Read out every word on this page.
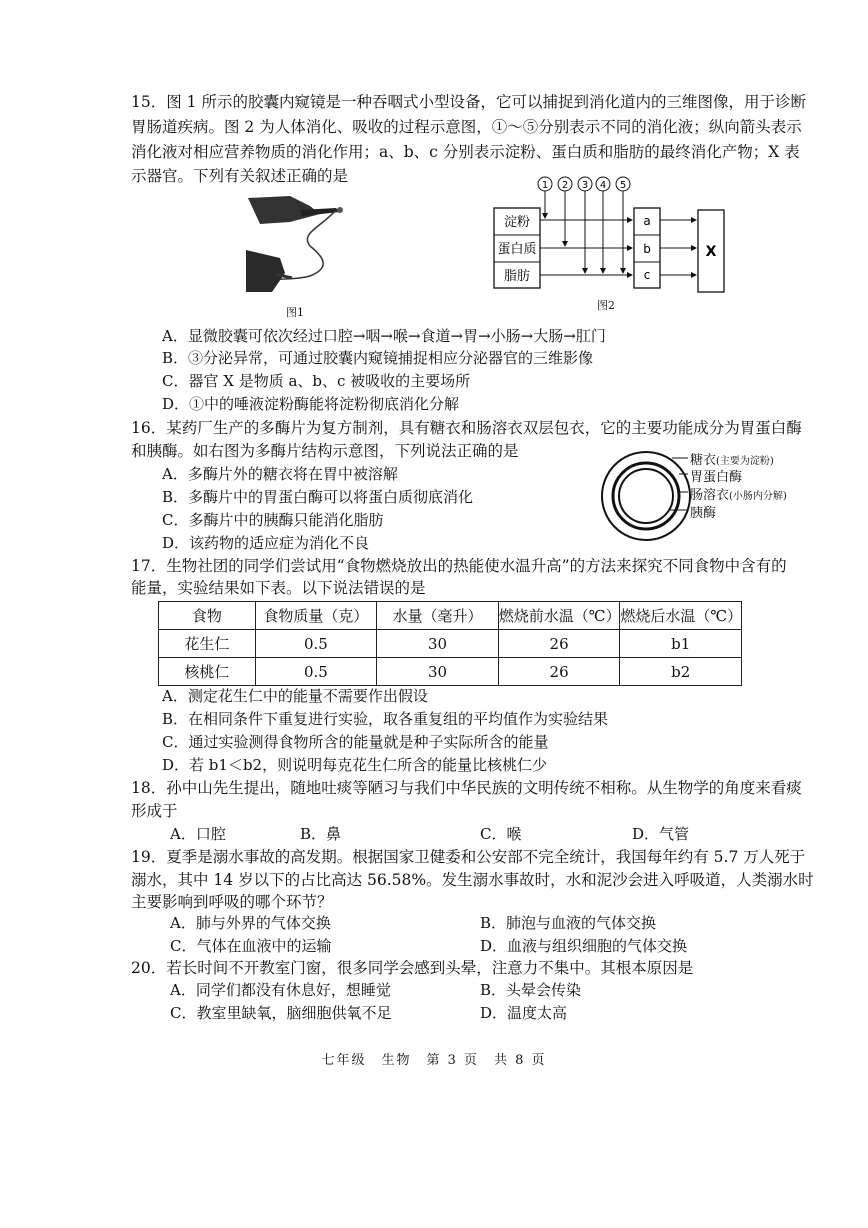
15．图 1 所示的胶囊内窥镜是一种吞咽式小型设备，它可以捕捉到消化道内的三维图像，用于诊断
胃肠道疾病。图 2 为人体消化、吸收的过程示意图，①～⑤分别表示不同的消化液；纵向箭头表示
消化液对相应营养物质的消化作用；a、b、c 分别表示淀粉、蛋白质和脂肪的最终消化产物；X 表
示器官。下列有关叙述正确的是
图1
1 2 3 4 5
淀粉
蛋白质
脂肪
a
b
c
X
图2
A．显微胶囊可依次经过口腔→咽→喉→食道→胃→小肠→大肠→肛门
B．③分泌异常，可通过胶囊内窥镜捕捉相应分泌器官的三维影像
C．器官 X 是物质 a、b、c 被吸收的主要场所
D．①中的唾液淀粉酶能将淀粉彻底消化分解
16．某药厂生产的多酶片为复方制剂，具有糖衣和肠溶衣双层包衣，它的主要功能成分为胃蛋白酶
和胰酶。如右图为多酶片结构示意图，下列说法正确的是
A．多酶片外的糖衣将在胃中被溶解
B．多酶片中的胃蛋白酶可以将蛋白质彻底消化
C．多酶片中的胰酶只能消化脂肪
D．该药物的适应症为消化不良
糖衣(主要为淀粉)
胃蛋白酶
肠溶衣(小肠内分解)
胰酶
17．生物社团的同学们尝试用“食物燃烧放出的热能使水温升高”的方法来探究不同食物中含有的
能量，实验结果如下表。以下说法错误的是
食物	食物质量（克）	水量（毫升）	燃烧前水温（℃）	燃烧后水温（℃）
花生仁	0.5	30	26	b1
核桃仁	0.5	30	26	b2
A．测定花生仁中的能量不需要作出假设
B．在相同条件下重复进行实验，取各重复组的平均值作为实验结果
C．通过实验测得食物所含的能量就是种子实际所含的能量
D．若 b1＜b2，则说明每克花生仁所含的能量比核桃仁少
18．孙中山先生提出，随地吐痰等陋习与我们中华民族的文明传统不相称。从生物学的角度来看痰
形成于
A．口腔	B．鼻	C．喉	D．气管
19．夏季是溺水事故的高发期。根据国家卫健委和公安部不完全统计，我国每年约有 5.7 万人死于
溺水，其中 14 岁以下的占比高达 56.58%。发生溺水事故时，水和泥沙会进入呼吸道，人类溺水时
主要影响到呼吸的哪个环节？
A．肺与外界的气体交换	B．肺泡与血液的气体交换
C．气体在血液中的运输	D．血液与组织细胞的气体交换
20．若长时间不开教室门窗，很多同学会感到头晕，注意力不集中。其根本原因是
A．同学们都没有休息好，想睡觉	B．头晕会传染
C．教室里缺氧，脑细胞供氧不足	D．温度太高
七年级　生物　第 3 页　共 8 页
